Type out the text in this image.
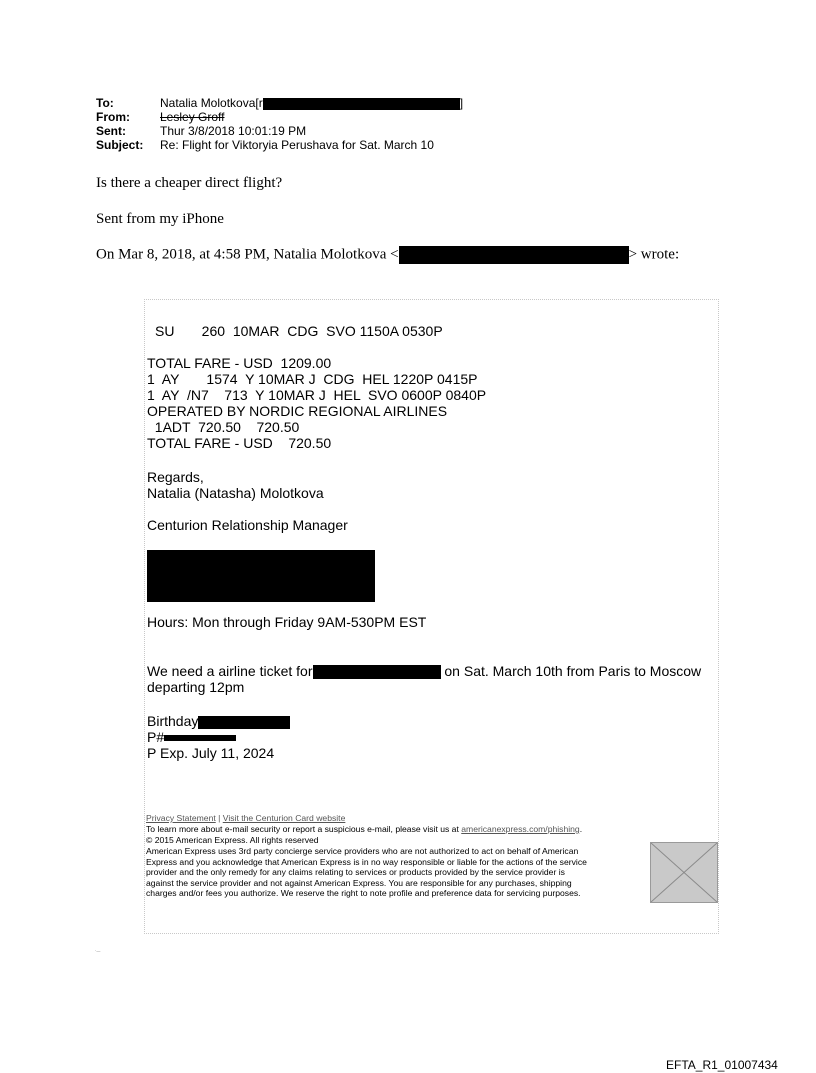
To:	Natalia Molotkova[r	]
From:	Lesley Groff
Sent:	Thur 3/8/2018 10:01:19 PM
Subject:	Re: Flight for Viktoryia Perushava for Sat. March 10
Is there a cheaper direct flight?
Sent from my iPhone
On Mar 8, 2018, at 4:58 PM, Natalia Molotkova <	> wrote:
SU       260  10MAR  CDG  SVO 1150A 0530P
TOTAL FARE - USD  1209.00
1  AY       1574  Y 10MAR J  CDG  HEL 1220P 0415P
1  AY  /N7    713  Y 10MAR J  HEL  SVO 0600P 0840P
OPERATED BY NORDIC REGIONAL AIRLINES
1ADT  720.50    720.50
TOTAL FARE - USD    720.50
Regards,
Natalia (Natasha) Molotkova
Centurion Relationship Manager
Hours: Mon through Friday 9AM-530PM EST
We need a airline ticket for	on Sat. March 10th from Paris to Moscow
departing 12pm
Birthday
P#
P Exp. July 11, 2024
Privacy Statement | Visit the Centurion Card website
To learn more about e-mail security or report a suspicious e-mail, please visit us at americanexpress.com/phishing.
© 2015 American Express. All rights reserved
American Express uses 3rd party concierge service providers who are not authorized to act on behalf of American
Express and you acknowledge that American Express is in no way responsible or liable for the actions of the service
provider and the only remedy for any claims relating to services or products provided by the service provider is
against the service provider and not against American Express. You are responsible for any purchases, shipping
charges and/or fees you authorize. We reserve the right to note profile and preference data for servicing purposes.
·—
EFTA_R1_01007434
